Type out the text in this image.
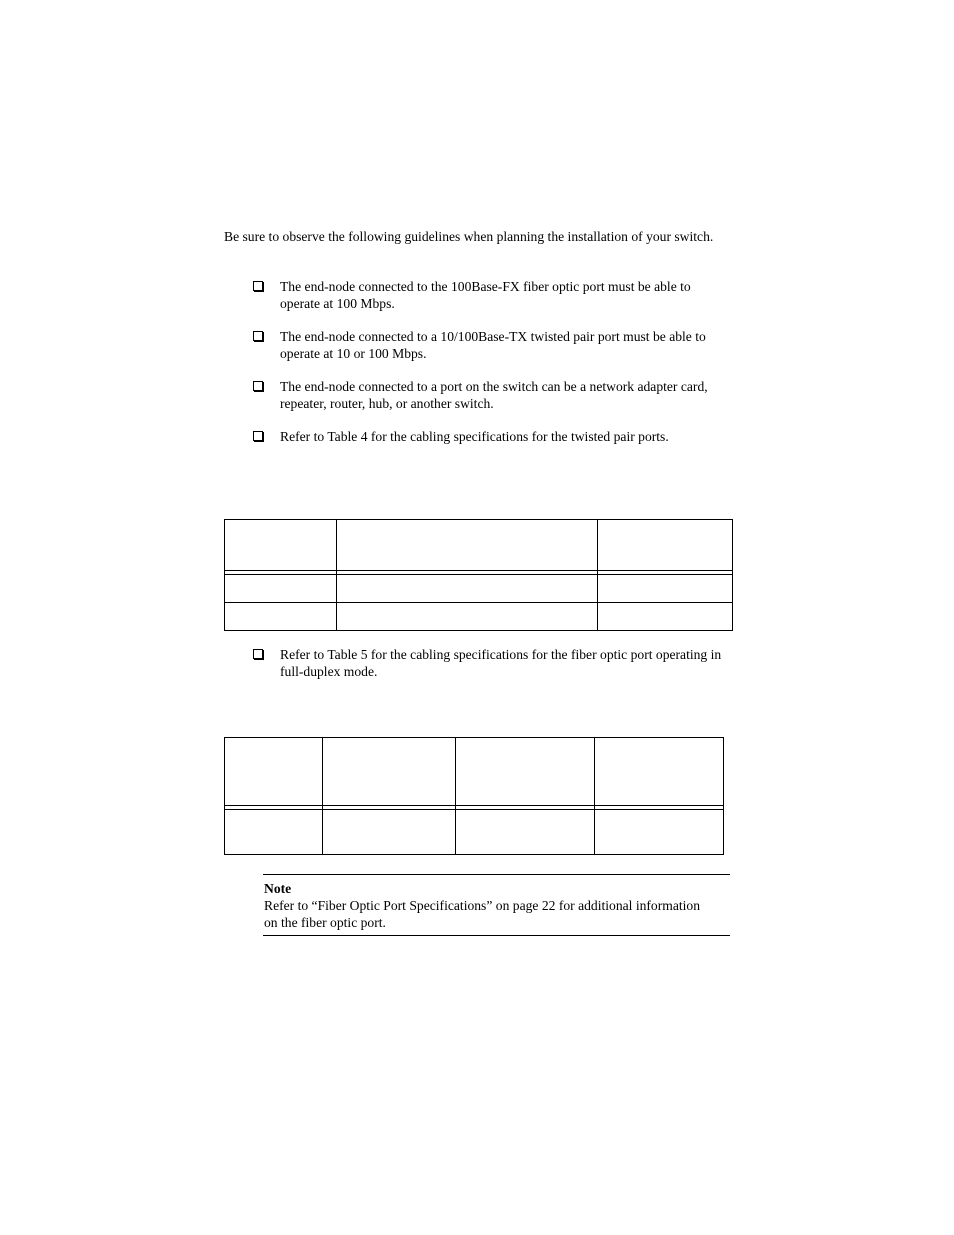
Be sure to observe the following guidelines when planning the installation of your switch.

The end-node connected to the 100Base-FX fiber optic port must be able to operate at 100 Mbps.
The end-node connected to a 10/100Base-TX twisted pair port must be able to operate at 10 or 100 Mbps.
The end-node connected to a port on the switch can be a network adapter card, repeater, router, hub, or another switch.
Refer to Table 4 for the cabling specifications for the twisted pair ports.
Refer to Table 5 for the cabling specifications for the fiber optic port operating in full-duplex mode.
Note
Refer to “Fiber Optic Port Specifications” on page 22 for additional information on the fiber optic port.
